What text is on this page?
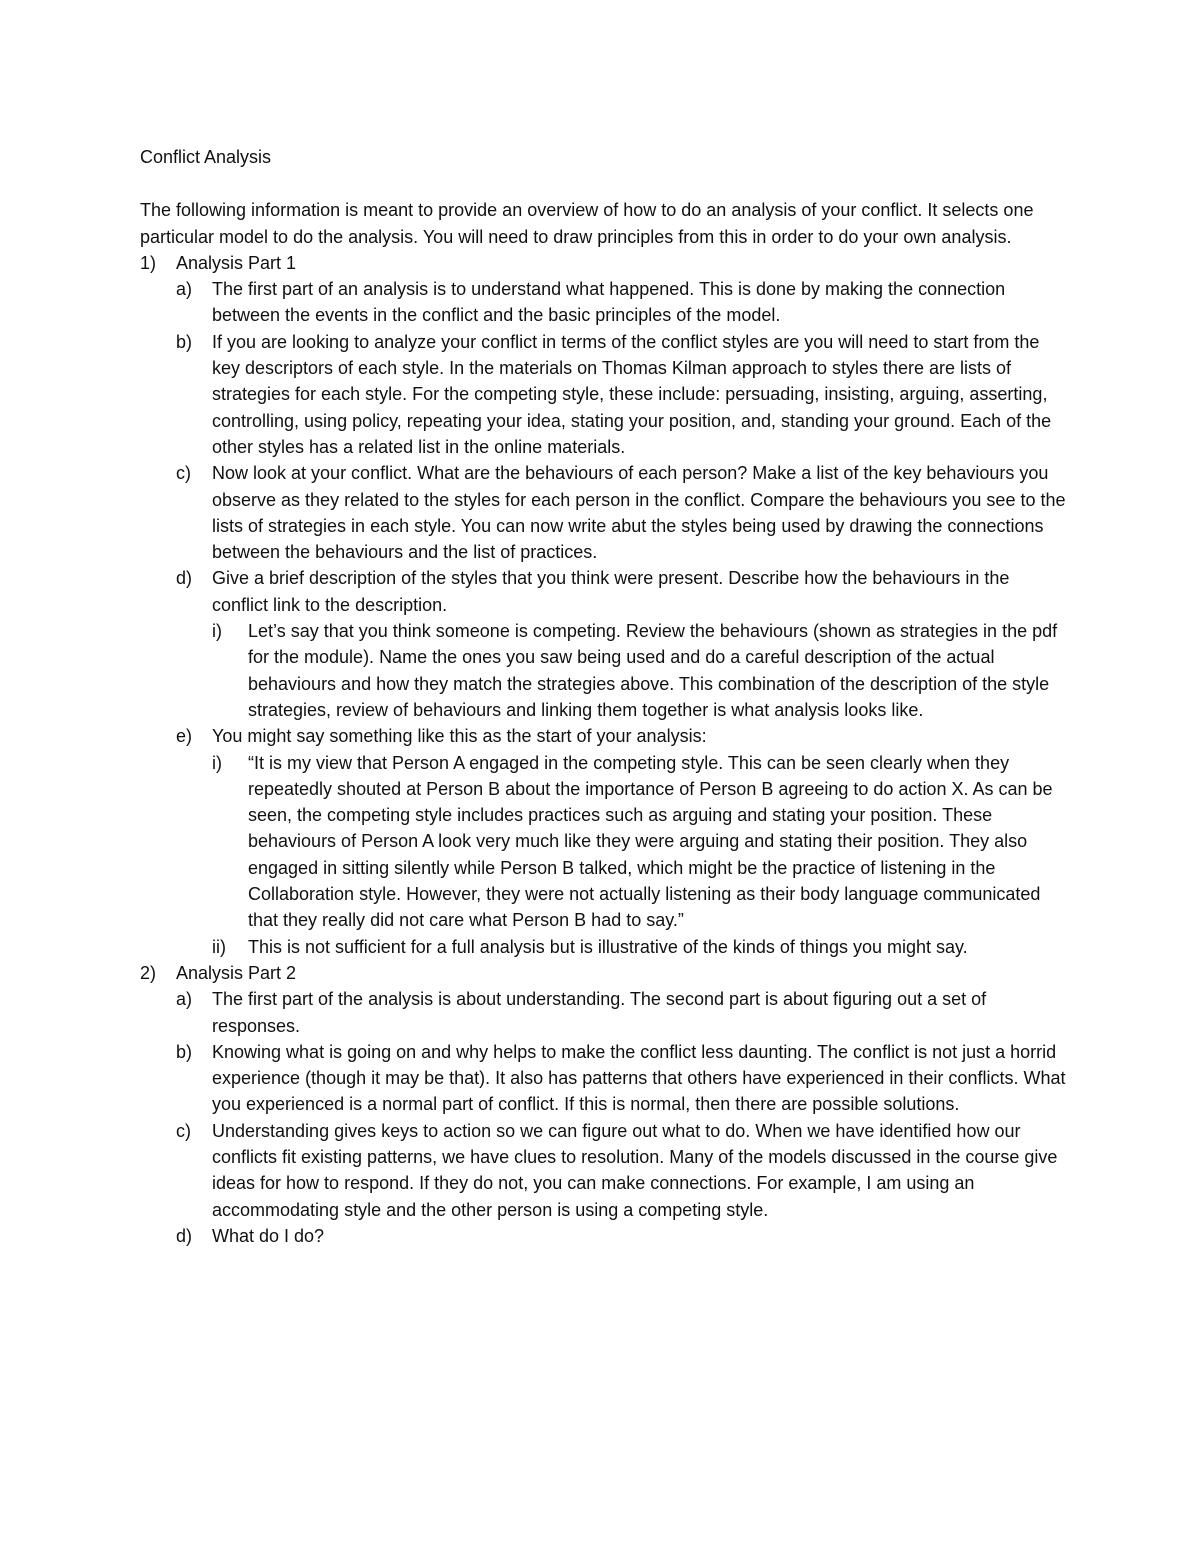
Conflict Analysis

The following information is meant to provide an overview of how to do an analysis of your conflict. It selects one particular model to do the analysis. You will need to draw principles from this in order to do your own analysis.

1)	Analysis Part 1
a)	The first part of an analysis is to understand what happened. This is done by making the connection between the events in the conflict and the basic principles of the model.
b)	If you are looking to analyze your conflict in terms of the conflict styles are you will need to start from the key descriptors of each style. In the materials on Thomas Kilman approach to styles there are lists of strategies for each style. For the competing style, these include: persuading, insisting, arguing, asserting, controlling, using policy, repeating your idea, stating your position, and, standing your ground. Each of the other styles has a related list in the online materials.
c)	Now look at your conflict. What are the behaviours of each person? Make a list of the key behaviours you observe as they related to the styles for each person in the conflict. Compare the behaviours you see to the lists of strategies in each style. You can now write abut the styles being used by drawing the connections between the behaviours and the list of practices.
d)	Give a brief description of the styles that you think were present. Describe how the behaviours in the conflict link to the description.
i)	Let’s say that you think someone is competing. Review the behaviours (shown as strategies in the pdf for the module). Name the ones you saw being used and do a careful description of the actual behaviours and how they match the strategies above. This combination of the description of the style strategies, review of behaviours and linking them together is what analysis looks like.
e)	You might say something like this as the start of your analysis:
i)	“It is my view that Person A engaged in the competing style. This can be seen clearly when they repeatedly shouted at Person B about the importance of Person B agreeing to do action X. As can be seen, the competing style includes practices such as arguing and stating your position. These behaviours of Person A look very much like they were arguing and stating their position. They also engaged in sitting silently while Person B talked, which might be the practice of listening in the Collaboration style. However, they were not actually listening as their body language communicated that they really did not care what Person B had to say.”
ii)	This is not sufficient for a full analysis but is illustrative of the kinds of things you might say.
2)	Analysis Part 2
a)	The first part of the analysis is about understanding. The second part is about figuring out a set of responses.
b)	Knowing what is going on and why helps to make the conflict less daunting. The conflict is not just a horrid experience (though it may be that). It also has patterns that others have experienced in their conflicts. What you experienced is a normal part of conflict. If this is normal, then there are possible solutions.
c)	Understanding gives keys to action so we can figure out what to do. When we have identified how our conflicts fit existing patterns, we have clues to resolution. Many of the models discussed in the course give ideas for how to respond. If they do not, you can make connections. For example, I am using an accommodating style and the other person is using a competing style.
d)	What do I do?
